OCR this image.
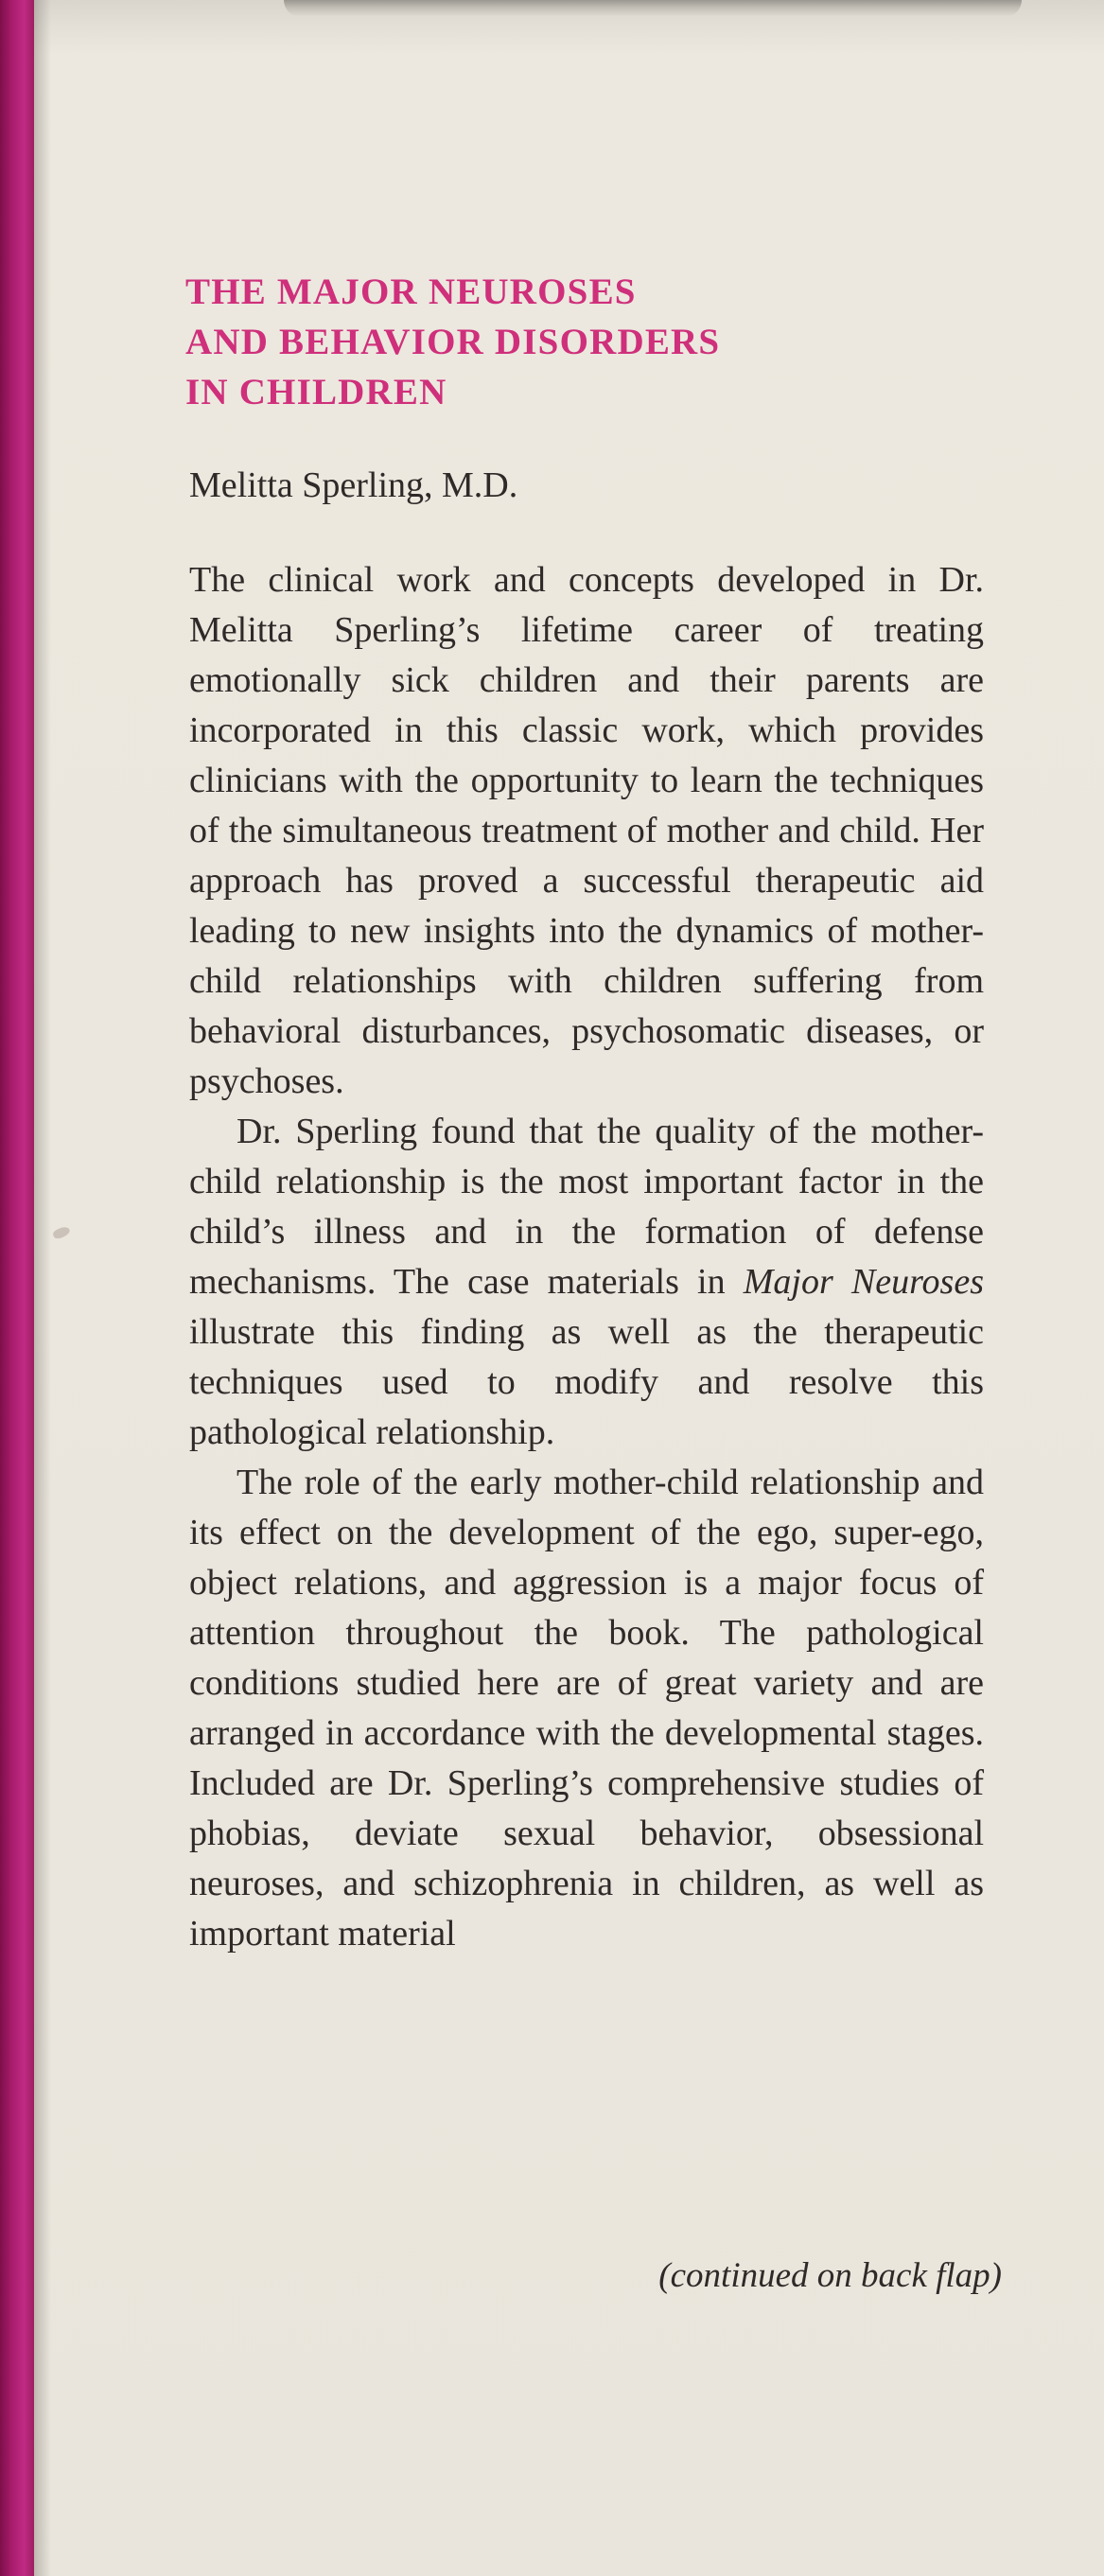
THE MAJOR NEUROSES
AND BEHAVIOR DISORDERS
IN CHILDREN

Melitta Sperling, M.D.

The clinical work and concepts developed in Dr. Melitta Sperling’s lifetime career of treating emotionally sick children and their parents are incorporated in this classic work, which provides clinicians with the opportunity to learn the techniques of the simultaneous treatment of mother and child. Her approach has proved a successful therapeutic aid leading to new insights into the dynamics of mother-child relationships with children suffering from behavioral disturbances, psychosomatic diseases, or psychoses.

Dr. Sperling found that the quality of the mother-child relationship is the most important factor in the child’s illness and in the formation of defense mechanisms. The case materials in Major Neuroses illustrate this finding as well as the therapeutic techniques used to modify and resolve this pathological relationship.

The role of the early mother-child relationship and its effect on the development of the ego, super-ego, object relations, and aggression is a major focus of attention throughout the book. The pathological conditions studied here are of great variety and are arranged in accordance with the developmental stages. Included are Dr. Sperling’s comprehensive studies of phobias, deviate sexual behavior, obsessional neuroses, and schizophrenia in children, as well as important material

(continued on back flap)
